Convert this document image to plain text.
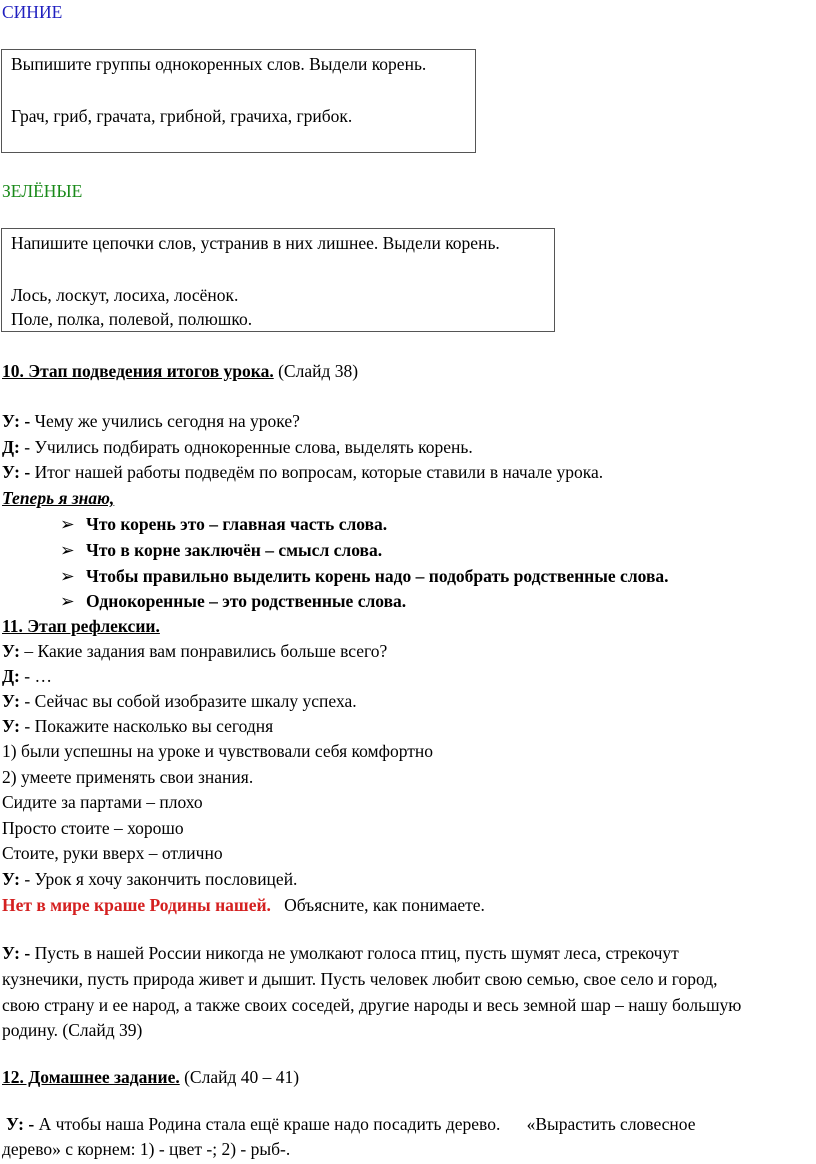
СИНИЕ
Выпишите группы однокоренных слов. Выдели корень.
Грач, гриб, грачата, грибной, грачиха, грибок.
ЗЕЛЁНЫЕ
Напишите цепочки слов, устранив в них лишнее. Выдели корень.
Лось, лоскут, лосиха, лосёнок.
Поле, полка, полевой, полюшко.
10. Этап подведения итогов урока. (Слайд 38)
У: - Чему же учились сегодня на уроке?
Д: - Учились подбирать однокоренные слова, выделять корень.
У: - Итог нашей работы подведём по вопросам, которые ставили в начале урока.
Теперь я знаю,
➢ Что корень это – главная часть слова.
➢ Что в корне заключён – смысл слова.
➢ Чтобы правильно выделить корень надо – подобрать родственные слова.
➢ Однокоренные – это родственные слова.
11. Этап рефлексии.
У: – Какие задания вам понравились больше всего?
Д: - …
У: - Сейчас вы собой изобразите шкалу успеха.
У: - Покажите насколько вы сегодня
1) были успешны на уроке и чувствовали себя комфортно
2) умеете применять свои знания.
Сидите за партами – плохо
Просто стоите – хорошо
Стоите, руки вверх – отлично
У: - Урок я хочу закончить пословицей.
Нет в мире краше Родины нашей.   Объясните, как понимаете.
У: - Пусть в нашей России никогда не умолкают голоса птиц, пусть шумят леса, стрекочут
кузнечики, пусть природа живет и дышит. Пусть человек любит свою семью, свое село и город,
свою страну и ее народ, а также своих соседей, другие народы и весь земной шар – нашу большую
родину. (Слайд 39)
12. Домашнее задание. (Слайд 40 – 41)
У: - А чтобы наша Родина стала ещё краше надо посадить дерево.      «Вырастить словесное
дерево» с корнем: 1) - цвет -; 2) - рыб-.
